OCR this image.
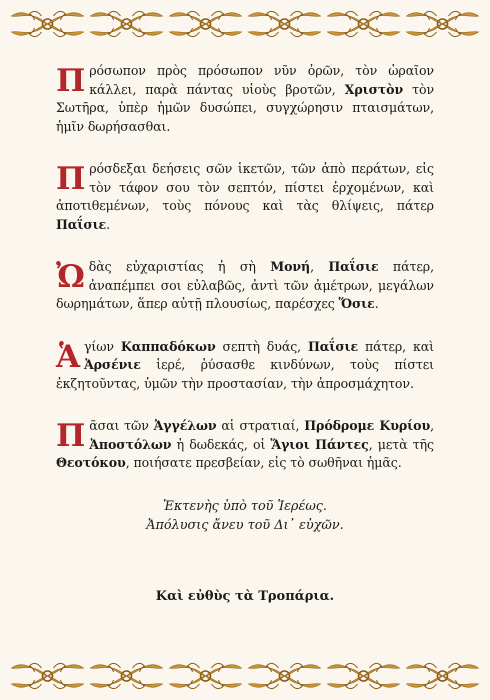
Πρόσωπον πρὸς πρόσωπον νῦν ὁρῶν, τὸν ὡραῖον κάλλει, παρὰ πάντας υἱοὺς βροτῶν, Χριστὸν τὸν Σωτῆρα, ὑπὲρ ἡμῶν δυσώπει, συγχώρησιν πταισμάτων, ἡμῖν δωρήσασθαι.

Πρόσδεξαι δεήσεις σῶν ἱκετῶν, τῶν ἀπὸ περάτων, εἰς τὸν τάφον σου τὸν σεπτόν, πίστει ἐρχομένων, καὶ ἀποτιθεμένων, τοὺς πόνους καὶ τὰς θλίψεις, πάτερ Παΐσιε.

Ὠδὰς εὐχαριστίας ἡ σὴ Μονή, Παΐσιε πάτερ, ἀναπέμπει σοι εὐλαβῶς, ἀντὶ τῶν ἀμέτρων, μεγάλων δωρημάτων, ἅπερ αὐτῇ πλουσίως, παρέσχες Ὅσιε.

Ἁγίων Καππαδόκων σεπτὴ δυάς, Παΐσιε πάτερ, καὶ Ἀρσένιε ἱερέ, ῥύσασθε κινδύνων, τοὺς πίστει ἐκζητοῦντας, ὑμῶν τὴν προστασίαν, τὴν ἀπροσμάχητον.

Πᾶσαι τῶν Ἀγγέλων αἱ στρατιαί, Πρόδρομε Κυρίου, Ἀποστόλων ἡ δωδεκάς, οἱ Ἅγιοι Πάντες, μετὰ τῆς Θεοτόκου, ποιήσατε πρεσβείαν, εἰς τὸ σωθῆναι ἡμᾶς.

Ἐκτενὴς ὑπὸ τοῦ Ἱερέως.

Ἀπόλυσις ἄνευ τοῦ Δι᾽ εὐχῶν.

Καὶ εὐθὺς τὰ Τροπάρια.
